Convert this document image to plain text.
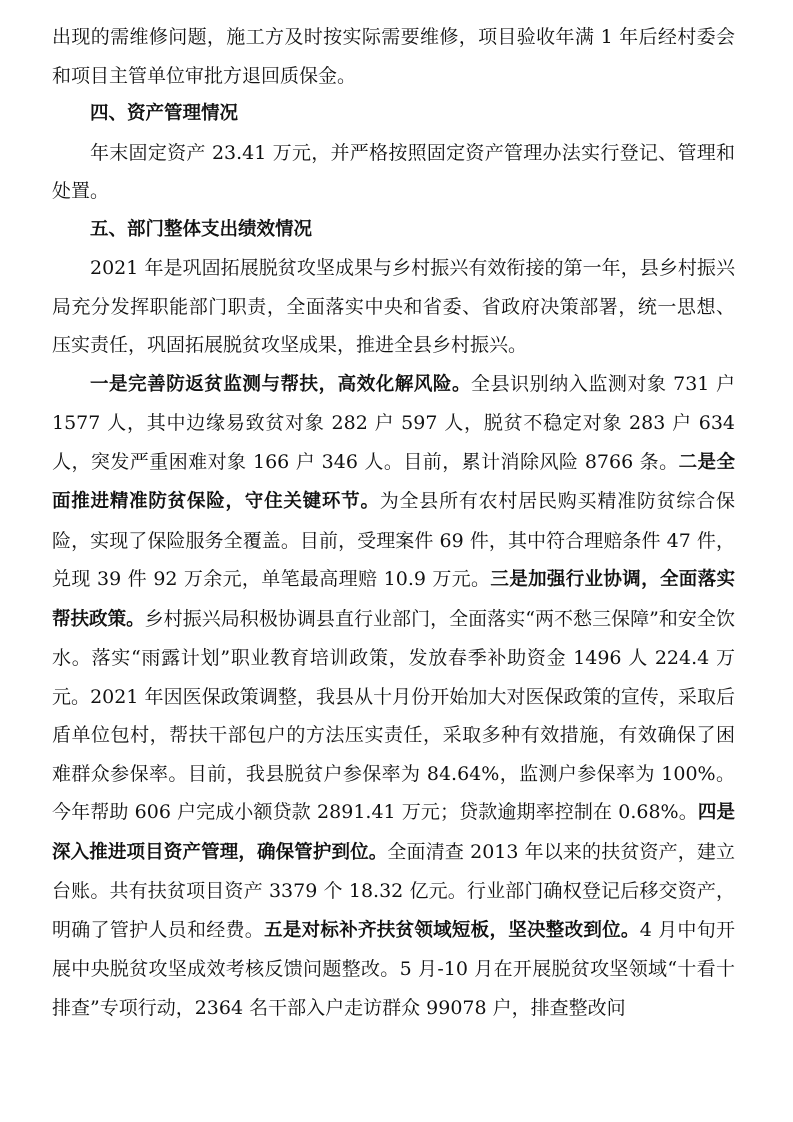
出现的需维修问题，施工方及时按实际需要维修，项目验收年满 1 年后经村委会和项目主管单位审批方退回质保金。

四、资产管理情况

年末固定资产 23.41 万元，并严格按照固定资产管理办法实行登记、管理和处置。

五、部门整体支出绩效情况

2021 年是巩固拓展脱贫攻坚成果与乡村振兴有效衔接的第一年，县乡村振兴局充分发挥职能部门职责，全面落实中央和省委、省政府决策部署，统一思想、压实责任，巩固拓展脱贫攻坚成果，推进全县乡村振兴。

一是完善防返贫监测与帮扶，高效化解风险。全县识别纳入监测对象 731 户 1577 人，其中边缘易致贫对象 282 户 597 人，脱贫不稳定对象 283 户 634 人，突发严重困难对象 166 户 346 人。目前，累计消除风险 8766 条。二是全面推进精准防贫保险，守住关键环节。为全县所有农村居民购买精准防贫综合保险，实现了保险服务全覆盖。目前，受理案件 69 件，其中符合理赔条件 47 件，兑现 39 件 92 万余元，单笔最高理赔 10.9 万元。三是加强行业协调，全面落实帮扶政策。乡村振兴局积极协调县直行业部门，全面落实“两不愁三保障”和安全饮水。落实“雨露计划”职业教育培训政策，发放春季补助资金 1496 人 224.4 万元。2021 年因医保政策调整，我县从十月份开始加大对医保政策的宣传，采取后盾单位包村，帮扶干部包户的方法压实责任，采取多种有效措施，有效确保了困难群众参保率。目前，我县脱贫户参保率为 84.64%，监测户参保率为 100%。今年帮助 606 户完成小额贷款 2891.41 万元；贷款逾期率控制在 0.68%。四是深入推进项目资产管理，确保管护到位。全面清查 2013 年以来的扶贫资产，建立台账。共有扶贫项目资产 3379 个 18.32 亿元。行业部门确权登记后移交资产，明确了管护人员和经费。五是对标补齐扶贫领域短板，坚决整改到位。4 月中旬开展中央脱贫攻坚成效考核反馈问题整改。5 月-10 月在开展脱贫攻坚领域“十看十排查”专项行动，2364 名干部入户走访群众 99078 户，排查整改问
